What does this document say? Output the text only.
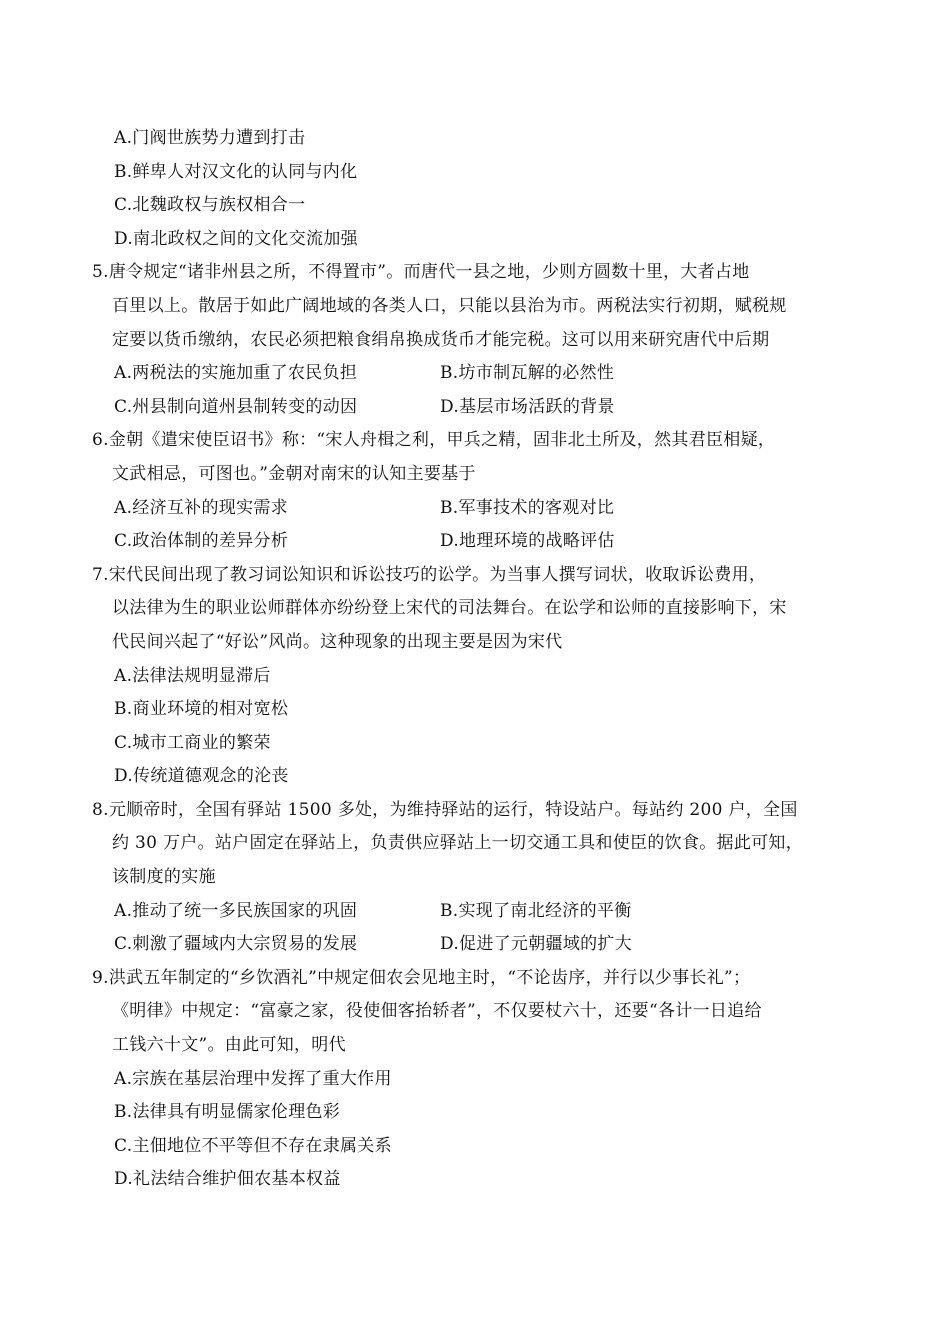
A.门阀世族势力遭到打击
B.鲜卑人对汉文化的认同与内化
C.北魏政权与族权相合一
D.南北政权之间的文化交流加强
5.唐令规定“诸非州县之所，不得置市”。而唐代一县之地，少则方圆数十里，大者占地
百里以上。散居于如此广阔地域的各类人口，只能以县治为市。两税法实行初期，赋税规
定要以货币缴纳，农民必须把粮食绢帛换成货币才能完税。这可以用来研究唐代中后期
A.两税法的实施加重了农民负担	B.坊市制瓦解的必然性
C.州县制向道州县制转变的动因	D.基层市场活跃的背景
6.金朝《遣宋使臣诏书》称：“宋人舟楫之利，甲兵之精，固非北土所及，然其君臣相疑，
文武相忌，可图也。”金朝对南宋的认知主要基于
A.经济互补的现实需求	B.军事技术的客观对比
C.政治体制的差异分析	D.地理环境的战略评估
7.宋代民间出现了教习词讼知识和诉讼技巧的讼学。为当事人撰写词状，收取诉讼费用，
以法律为生的职业讼师群体亦纷纷登上宋代的司法舞台。在讼学和讼师的直接影响下，宋
代民间兴起了“好讼”风尚。这种现象的出现主要是因为宋代
A.法律法规明显滞后
B.商业环境的相对宽松
C.城市工商业的繁荣
D.传统道德观念的沦丧
8.元顺帝时，全国有驿站 1500 多处，为维持驿站的运行，特设站户。每站约 200 户，全国
约 30 万户。站户固定在驿站上，负责供应驿站上一切交通工具和使臣的饮食。据此可知，
该制度的实施
A.推动了统一多民族国家的巩固	B.实现了南北经济的平衡
C.刺激了疆域内大宗贸易的发展	D.促进了元朝疆域的扩大
9.洪武五年制定的“乡饮酒礼”中规定佃农会见地主时，“不论齿序，并行以少事长礼”；
《明律》中规定：“富豪之家，役使佃客抬轿者”，不仅要杖六十，还要“各计一日追给
工钱六十文”。由此可知，明代
A.宗族在基层治理中发挥了重大作用
B.法律具有明显儒家伦理色彩
C.主佃地位不平等但不存在隶属关系
D.礼法结合维护佃农基本权益
